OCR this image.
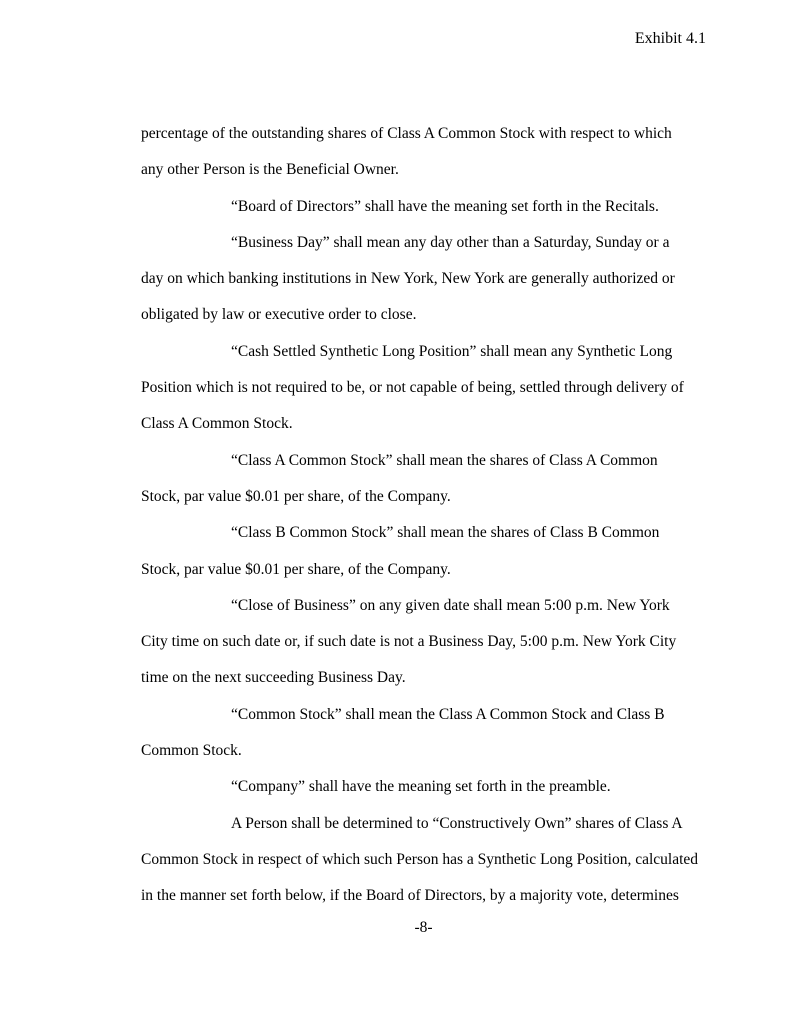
Exhibit 4.1
percentage of the outstanding shares of Class A Common Stock with respect to which
any other Person is the Beneficial Owner.
“Board of Directors” shall have the meaning set forth in the Recitals.
“Business Day” shall mean any day other than a Saturday, Sunday or a
day on which banking institutions in New York, New York are generally authorized or
obligated by law or executive order to close.
“Cash Settled Synthetic Long Position” shall mean any Synthetic Long
Position which is not required to be, or not capable of being, settled through delivery of
Class A Common Stock.
“Class A Common Stock” shall mean the shares of Class A Common
Stock, par value $0.01 per share, of the Company.
“Class B Common Stock” shall mean the shares of Class B Common
Stock, par value $0.01 per share, of the Company.
“Close of Business” on any given date shall mean 5:00 p.m. New York
City time on such date or, if such date is not a Business Day, 5:00 p.m. New York City
time on the next succeeding Business Day.
“Common Stock” shall mean the Class A Common Stock and Class B
Common Stock.
“Company” shall have the meaning set forth in the preamble.
A Person shall be determined to “Constructively Own” shares of Class A
Common Stock in respect of which such Person has a Synthetic Long Position, calculated
in the manner set forth below, if the Board of Directors, by a majority vote, determines
-8-
